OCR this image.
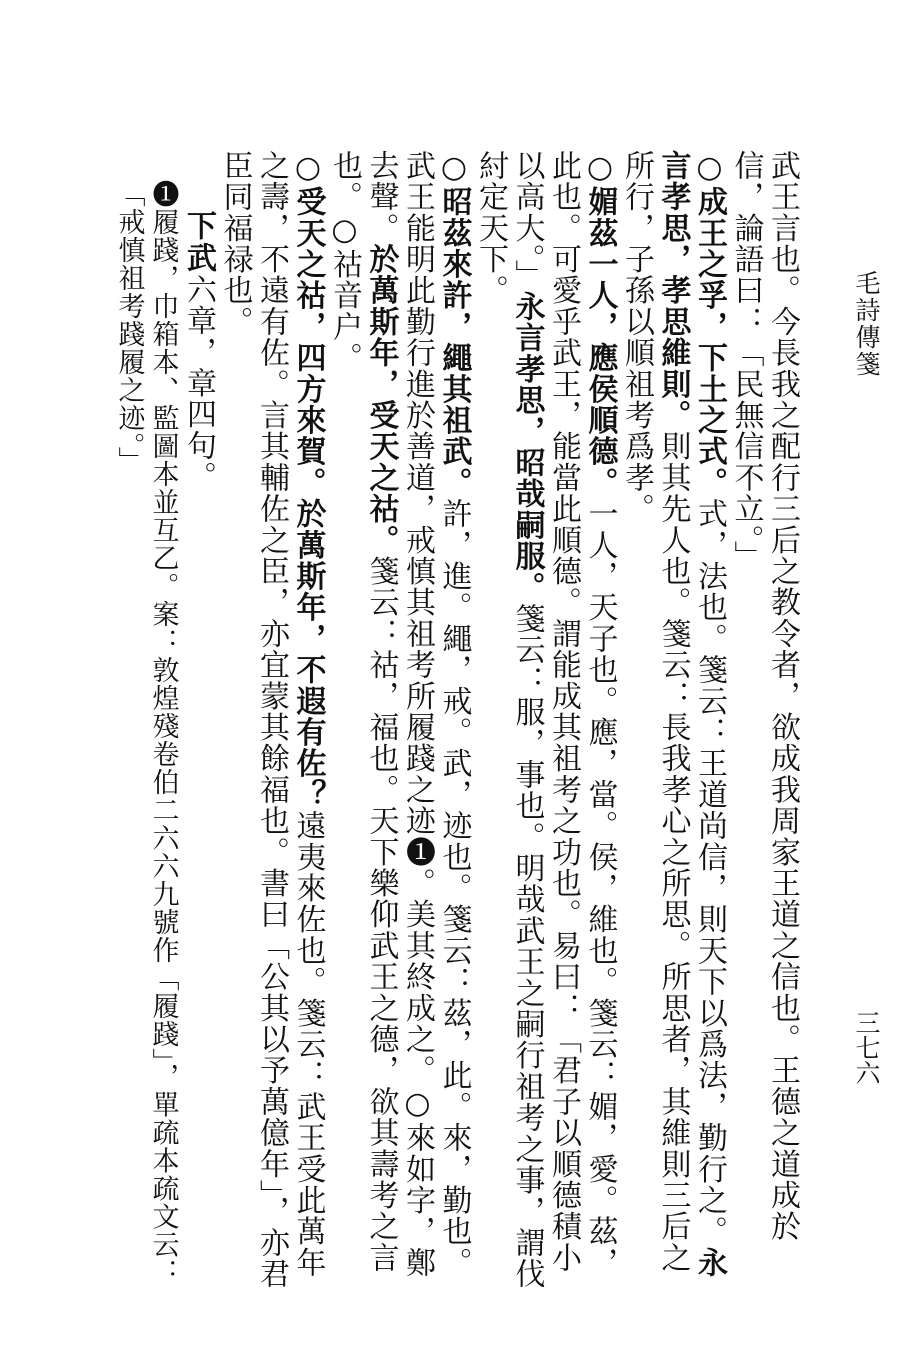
毛詩傳箋
三七六

武王言也。今長我之配行三后之教令者，欲成我周家王道之信也。王德之道成於信，論語曰：「民無信不立。」

○成王之孚，下土之式。式，法也。箋云：王道尚信，則天下以爲法，勤行之。永言孝思，孝思維則。則其先人也。箋云：長我孝心之所思。所思者，其維則三后之所行，子孫以順祖考爲孝。

○媚茲一人，應侯順德。一人，天子也。應，當。侯，維也。箋云：媚，愛。茲，此也。可愛乎武王，能當此順德。謂能成其祖考之功也。易曰：「君子以順德積小以高大。」永言孝思，昭哉嗣服。箋云：服，事也。明哉武王之嗣行祖考之事，謂伐紂定天下。

○昭茲來許，繩其祖武。許，進。繩，戒。武，迹也。箋云：茲，此。來，勤也。武王能明此勤行進於善道，戒慎其祖考所履踐之迹❶。美其終成之。○來如字，鄭去聲。於萬斯年，受天之祜。箋云：祜，福也。天下樂仰武王之德，欲其壽考之言也。○祜音户。

○受天之祜，四方來賀。於萬斯年，不遐有佐？遠夷來佐也。箋云：武王受此萬年之壽，不遠有佐。言其輔佐之臣，亦宜蒙其餘福也。書曰「公其以予萬億年」，亦君臣同福禄也。

下武六章，章四句。

❶履踐，巾箱本、監圖本並互乙。案：敦煌殘卷伯二六六九號作「履踐」，單疏本疏文云：「戒慎祖考踐履之迹。」
